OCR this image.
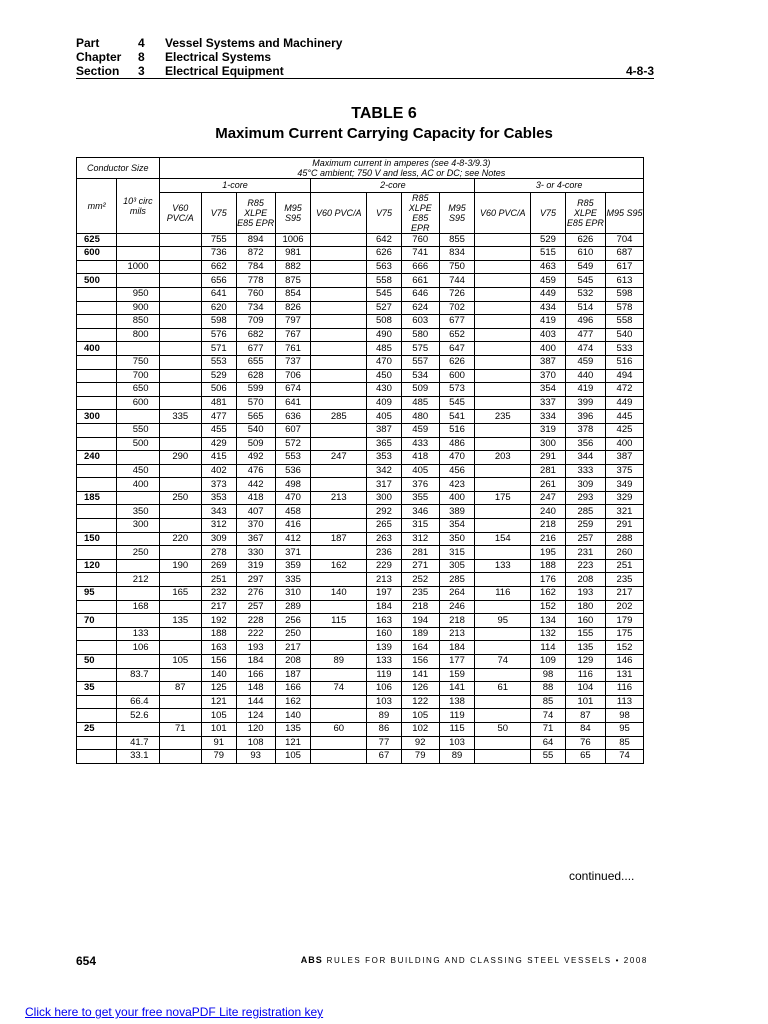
Part	4	Vessel Systems and Machinery
Chapter	8	Electrical Systems
Section	3	Electrical Equipment	4-8-3
TABLE 6
Maximum Current Carrying Capacity for Cables
Conductor Size		Maximum current in amperes (see 4-8-3/9.3)
45°C ambient; 750 V and less, AC or DC; see Notes											

mm²	10³ circ mils	1-core				2-core				3- or 4-core			
		V60 PVC/A	V75	R85 XLPE E85 EPR	M95 S95	V60 PVC/A	V75	R85 XLPE E85 EPR	M95 S95	V60 PVC/A	V75	R85 XLPE E85 EPR	M95 S95
625			755	894	1006		642	760	855		529	626	704
600			736	872	981		626	741	834		515	610	687
	1000		662	784	882		563	666	750		463	549	617
500			656	778	875		558	661	744		459	545	613
	950		641	760	854		545	646	726		449	532	598
	900		620	734	826		527	624	702		434	514	578
	850		598	709	797		508	603	677		419	496	558
	800		576	682	767		490	580	652		403	477	540
400			571	677	761		485	575	647		400	474	533
	750		553	655	737		470	557	626		387	459	516
	700		529	628	706		450	534	600		370	440	494
	650		506	599	674		430	509	573		354	419	472
	600		481	570	641		409	485	545		337	399	449
300		335	477	565	636	285	405	480	541	235	334	396	445
	550		455	540	607		387	459	516		319	378	425
	500		429	509	572		365	433	486		300	356	400
240		290	415	492	553	247	353	418	470	203	291	344	387
	450		402	476	536		342	405	456		281	333	375
	400		373	442	498		317	376	423		261	309	349
185		250	353	418	470	213	300	355	400	175	247	293	329
	350		343	407	458		292	346	389		240	285	321
	300		312	370	416		265	315	354		218	259	291
150		220	309	367	412	187	263	312	350	154	216	257	288
	250		278	330	371		236	281	315		195	231	260
120		190	269	319	359	162	229	271	305	133	188	223	251
	212		251	297	335		213	252	285		176	208	235
95		165	232	276	310	140	197	235	264	116	162	193	217
	168		217	257	289		184	218	246		152	180	202
70		135	192	228	256	115	163	194	218	95	134	160	179
	133		188	222	250		160	189	213		132	155	175
	106		163	193	217		139	164	184		114	135	152
50		105	156	184	208	89	133	156	177	74	109	129	146
	83.7		140	166	187		119	141	159		98	116	131
35		87	125	148	166	74	106	126	141	61	88	104	116
	66.4		121	144	162		103	122	138		85	101	113
	52.6		105	124	140		89	105	119		74	87	98
25		71	101	120	135	60	86	102	115	50	71	84	95
	41.7		91	108	121		77	92	103		64	76	85
	33.1		79	93	105		67	79	89		55	65	74
continued....
654	ABS RULES FOR BUILDING AND CLASSING STEEL VESSELS • 2008
Click here to get your free novaPDF Lite registration key
